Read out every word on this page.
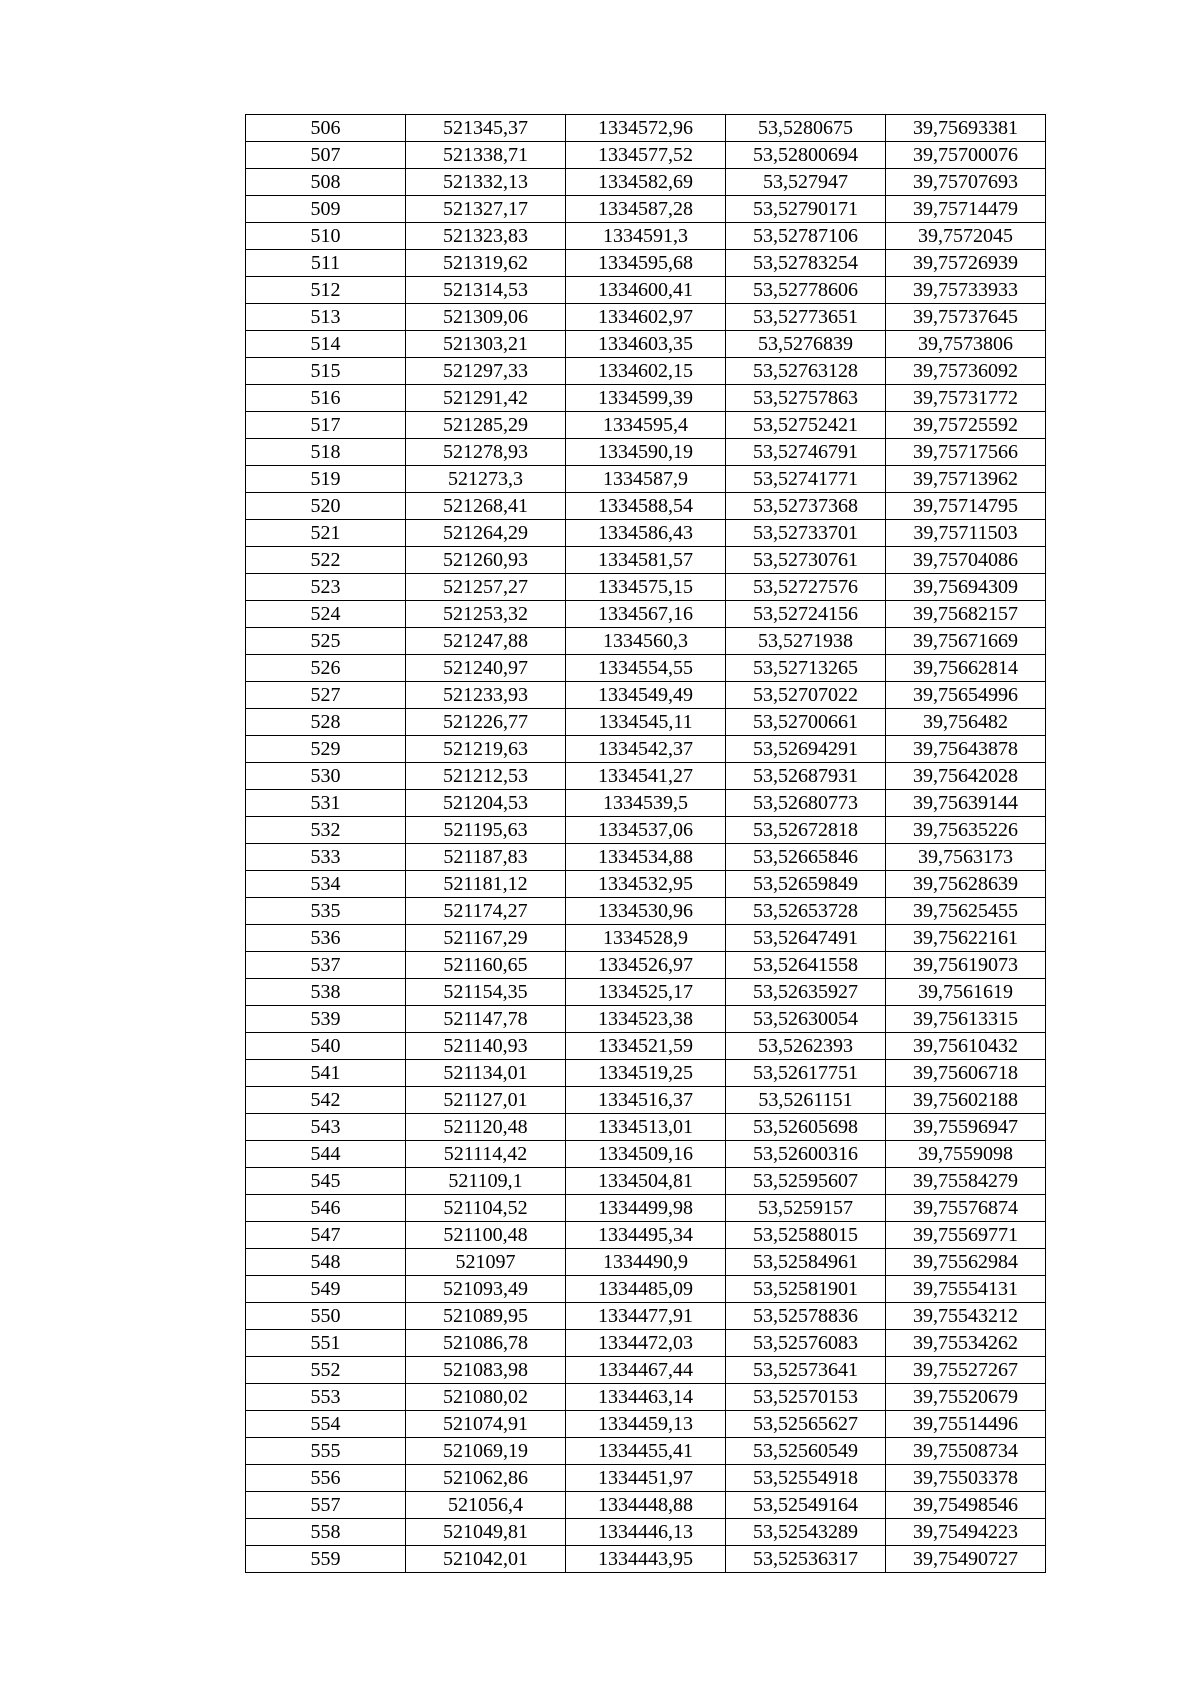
506	521345,37	1334572,96	53,5280675	39,75693381
507	521338,71	1334577,52	53,52800694	39,75700076
508	521332,13	1334582,69	53,527947	39,75707693
509	521327,17	1334587,28	53,52790171	39,75714479
510	521323,83	1334591,3	53,52787106	39,7572045
511	521319,62	1334595,68	53,52783254	39,75726939
512	521314,53	1334600,41	53,52778606	39,75733933
513	521309,06	1334602,97	53,52773651	39,75737645
514	521303,21	1334603,35	53,5276839	39,7573806
515	521297,33	1334602,15	53,52763128	39,75736092
516	521291,42	1334599,39	53,52757863	39,75731772
517	521285,29	1334595,4	53,52752421	39,75725592
518	521278,93	1334590,19	53,52746791	39,75717566
519	521273,3	1334587,9	53,52741771	39,75713962
520	521268,41	1334588,54	53,52737368	39,75714795
521	521264,29	1334586,43	53,52733701	39,75711503
522	521260,93	1334581,57	53,52730761	39,75704086
523	521257,27	1334575,15	53,52727576	39,75694309
524	521253,32	1334567,16	53,52724156	39,75682157
525	521247,88	1334560,3	53,5271938	39,75671669
526	521240,97	1334554,55	53,52713265	39,75662814
527	521233,93	1334549,49	53,52707022	39,75654996
528	521226,77	1334545,11	53,52700661	39,756482
529	521219,63	1334542,37	53,52694291	39,75643878
530	521212,53	1334541,27	53,52687931	39,75642028
531	521204,53	1334539,5	53,52680773	39,75639144
532	521195,63	1334537,06	53,52672818	39,75635226
533	521187,83	1334534,88	53,52665846	39,7563173
534	521181,12	1334532,95	53,52659849	39,75628639
535	521174,27	1334530,96	53,52653728	39,75625455
536	521167,29	1334528,9	53,52647491	39,75622161
537	521160,65	1334526,97	53,52641558	39,75619073
538	521154,35	1334525,17	53,52635927	39,7561619
539	521147,78	1334523,38	53,52630054	39,75613315
540	521140,93	1334521,59	53,5262393	39,75610432
541	521134,01	1334519,25	53,52617751	39,75606718
542	521127,01	1334516,37	53,5261151	39,75602188
543	521120,48	1334513,01	53,52605698	39,75596947
544	521114,42	1334509,16	53,52600316	39,7559098
545	521109,1	1334504,81	53,52595607	39,75584279
546	521104,52	1334499,98	53,5259157	39,75576874
547	521100,48	1334495,34	53,52588015	39,75569771
548	521097	1334490,9	53,52584961	39,75562984
549	521093,49	1334485,09	53,52581901	39,75554131
550	521089,95	1334477,91	53,52578836	39,75543212
551	521086,78	1334472,03	53,52576083	39,75534262
552	521083,98	1334467,44	53,52573641	39,75527267
553	521080,02	1334463,14	53,52570153	39,75520679
554	521074,91	1334459,13	53,52565627	39,75514496
555	521069,19	1334455,41	53,52560549	39,75508734
556	521062,86	1334451,97	53,52554918	39,75503378
557	521056,4	1334448,88	53,52549164	39,75498546
558	521049,81	1334446,13	53,52543289	39,75494223
559	521042,01	1334443,95	53,52536317	39,75490727
